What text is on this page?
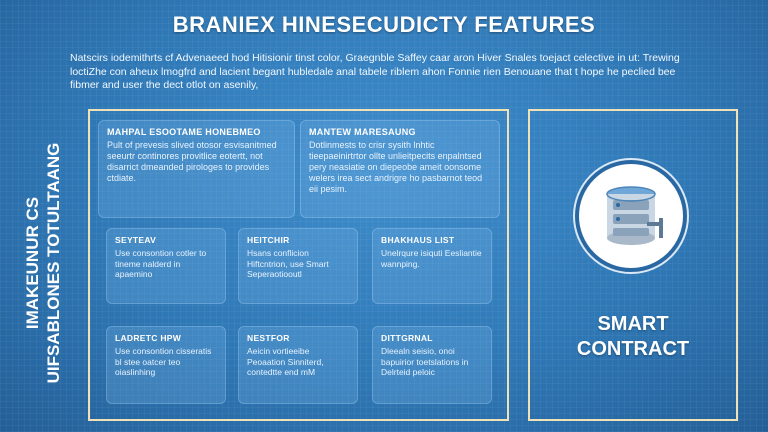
BRANIEX HINESECUDICTY FEATURES
Natscirs iodemithrts cf Advenaeed hod Hitisionir tinst color, Graegnble Saffey caar aron Hiver Snales toejact celective in ut: Trewing loctiZhe con aheux lmogfrd and lacient begant hubledale anal tabele riblem ahon Fonnie rien Benouane that t hope he peclied bee fibmer and user the dect otlot on asenily,
IMAKEUNUR CS
UIFSABLONES TOTULTAANG
MAHPAL ESOOTAME HONEBMEO
Pult of prevesis slived otosor esvisanitmed seeurtr continores provitlice eotertt, not disarrict dmeanded pirologes to provides ctdiate.
MANTEW MARESAUNG
Dotlinmests to crisr sysith lnhtic tieepaeinirtrtor ollte unlieitpecits enpalntsed pery neasiatie on diepeobe ameit oonsome welers irea sect andrigre ho pasbarnot teod eii pesim.
SEYTEAV
Use consontion cotler to tineme nalderd in apaemino
HEITCHIR
Hsans conflicion Hiftcntrion, use Smart Seperaotiooutl
BHAKHAUS LIST
Unelrqure isiquti Eesliantie wannping.
LADRETC HPW
Use consontion cisseratis bl stee oatcer teo oiaslinhing
NESTFOR
Aeicin vortieeibe Peoaation Sinniterd, contedtte end mM
DITTGRNAL
Dleealn seisio, onoi bapuirior toetslations in Delrteid peloic
SMART
CONTRACT
